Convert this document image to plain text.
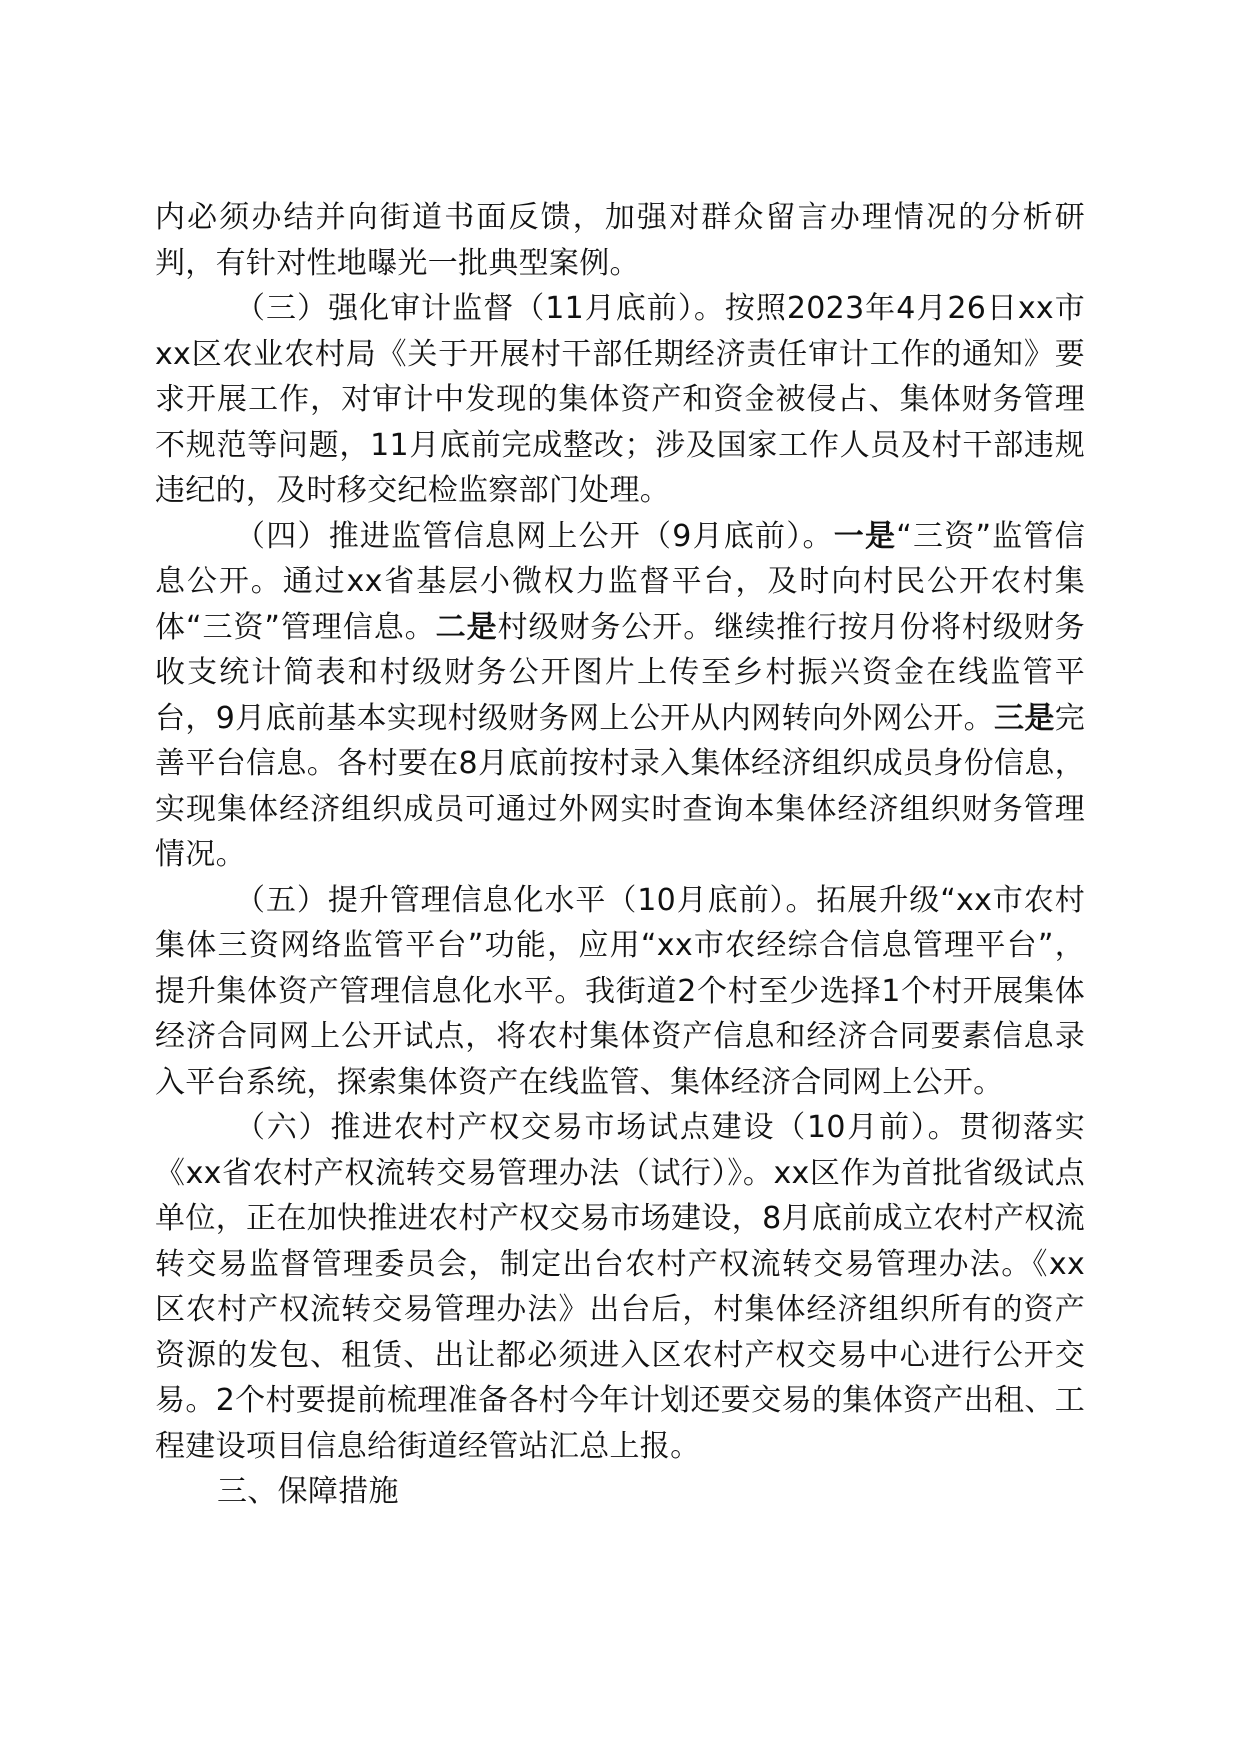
内必须办结并向街道书面反馈，加强对群众留言办理情况的分析研判，有针对性地曝光一批典型案例。

（三）强化审计监督（11月底前）。按照2023年4月26日xx市xx区农业农村局《关于开展村干部任期经济责任审计工作的通知》要求开展工作，对审计中发现的集体资产和资金被侵占、集体财务管理不规范等问题，11月底前完成整改；涉及国家工作人员及村干部违规违纪的，及时移交纪检监察部门处理。

（四）推进监管信息网上公开（9月底前）。一是“三资”监管信息公开。通过xx省基层小微权力监督平台，及时向村民公开农村集体“三资”管理信息。二是村级财务公开。继续推行按月份将村级财务收支统计简表和村级财务公开图片上传至乡村振兴资金在线监管平台，9月底前基本实现村级财务网上公开从内网转向外网公开。三是完善平台信息。各村要在8月底前按村录入集体经济组织成员身份信息，实现集体经济组织成员可通过外网实时查询本集体经济组织财务管理情况。

（五）提升管理信息化水平（10月底前）。拓展升级“xx市农村集体三资网络监管平台”功能，应用“xx市农经综合信息管理平台”，提升集体资产管理信息化水平。我街道2个村至少选择1个村开展集体经济合同网上公开试点，将农村集体资产信息和经济合同要素信息录入平台系统，探索集体资产在线监管、集体经济合同网上公开。

（六）推进农村产权交易市场试点建设（10月前）。贯彻落实《xx省农村产权流转交易管理办法（试行）》。xx区作为首批省级试点单位，正在加快推进农村产权交易市场建设，8月底前成立农村产权流转交易监督管理委员会，制定出台农村产权流转交易管理办法。《xx区农村产权流转交易管理办法》出台后，村集体经济组织所有的资产资源的发包、租赁、出让都必须进入区农村产权交易中心进行公开交易。2个村要提前梳理准备各村今年计划还要交易的集体资产出租、工程建设项目信息给街道经管站汇总上报。

三、保障措施
